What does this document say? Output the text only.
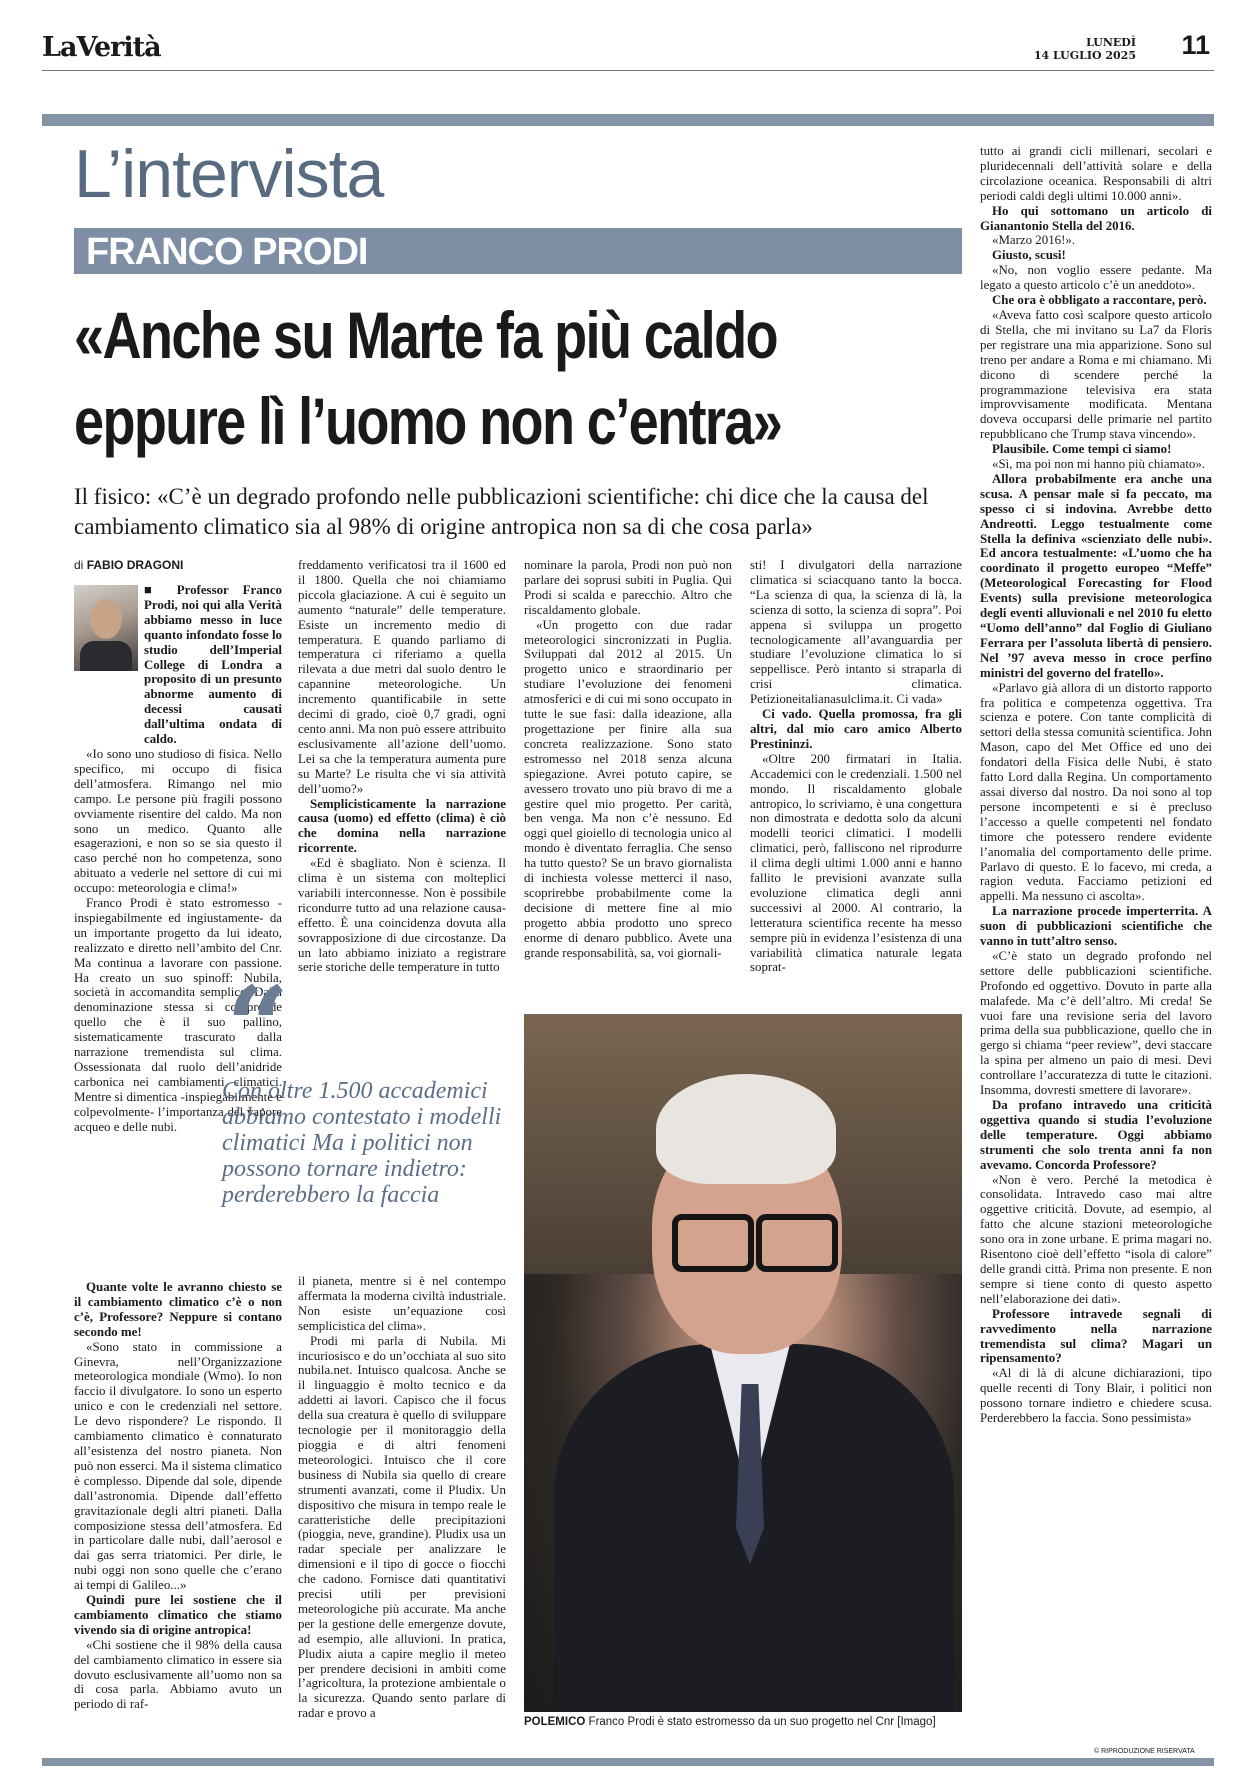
LaVerità	LUNEDÌ
14 LUGLIO 2025 11
L’intervista
FRANCO PRODI
«Anche su Marte fa più caldo
eppure lì l’uomo non c’entra»
Il fisico: «C’è un degrado profondo nelle pubblicazioni scientifiche: chi dice che la causa del cambiamento climatico sia al 98% di origine antropica non sa di che cosa parla»
di FABIO DRAGONI

■ Professor Franco Prodi, noi qui alla Verità abbiamo messo in luce quanto infondato fosse lo studio dell’Imperial College di Londra a proposito di un presunto abnorme aumento di decessi causati dall’ultima ondata di caldo.

«Io sono uno studioso di fisica. Nello specifico, mi occupo di fisica dell’atmosfera. Rimango nel mio campo. Le persone più fragili possono ovviamente risentire del caldo. Ma non sono un medico. Quanto alle esagerazioni, e non so se sia questo il caso perché non ho competenza, sono abituato a vederle nel settore di cui mi occupo: meteorologia e clima!»

Franco Prodi è stato estromesso -inspiegabilmente ed ingiustamente- da un importante progetto da lui ideato, realizzato e diretto nell’ambito del Cnr. Ma continua a lavorare con passione. Ha creato un suo spinoff: Nubila, società in accomandita semplice. Dalla denominazione stessa si comprende quello che è il suo pallino, sistematicamente trascurato dalla narrazione tremendista sul clima. Ossessionata dal ruolo dell’anidride carbonica nei cambiamenti climatici. Mentre si dimentica -inspiegabilmente e colpevolmente- l’importanza del vapore acqueo e delle nubi.

Quante volte le avranno chiesto se il cambiamento climatico c’è o non c’è, Professore? Neppure si contano secondo me!

«Sono stato in commissione a Ginevra, nell’Organizzazione meteorologica mondiale (Wmo). Io non faccio il divulgatore. Io sono un esperto unico e con le credenziali nel settore. Le devo rispondere? Le rispondo. Il cambiamento climatico è connaturato all’esistenza del nostro pianeta. Non può non esserci. Ma il sistema climatico è complesso. Dipende dal sole, dipende dall’astronomia. Dipende dall’effetto gravitazionale degli altri pianeti. Dalla composizione stessa dell’atmosfera. Ed in particolare dalle nubi, dall’aerosol e dai gas serra triatomici. Per dirle, le nubi oggi non sono quelle che c’erano ai tempi di Galileo...»

Quindi pure lei sostiene che il cambiamento climatico che stiamo vivendo sia di origine antropica!

«Chi sostiene che il 98% della causa del cambiamento climatico in essere sia dovuto esclusivamente all’uomo non sa di cosa parla. Abbiamo avuto un periodo di raf-

freddamento verificatosi tra il 1600 ed il 1800. Quella che noi chiamiamo piccola glaciazione. A cui è seguito un aumento “naturale” delle temperature. Esiste un incremento medio di temperatura. E quando parliamo di temperatura ci riferiamo a quella rilevata a due metri dal suolo dentro le capannine meteorologiche. Un incremento quantificabile in sette decimi di grado, cioè 0,7 gradi, ogni cento anni. Ma non può essere attribuito esclusivamente all’azione dell’uomo. Lei sa che la temperatura aumenta pure su Marte? Le risulta che vi sia attività dell’uomo?»

Semplicisticamente la narrazione causa (uomo) ed effetto (clima) è ciò che domina nella narrazione ricorrente.

«Ed è sbagliato. Non è scienza. Il clima è un sistema con molteplici variabili interconnesse. Non è possibile ricondurre tutto ad una relazione causa-effetto. È una coincidenza dovuta alla sovrapposizione di due circostanze. Da un lato abbiamo iniziato a registrare serie storiche delle temperature in tutto

il pianeta, mentre si è nel contempo affermata la moderna civiltà industriale. Non esiste un’equazione così semplicistica del clima».

Prodi mi parla di Nubila. Mi incuriosisco e do un’occhiata al suo sito nubila.net. Intuisco qualcosa. Anche se il linguaggio è molto tecnico e da addetti ai lavori. Capisco che il focus della sua creatura è quello di sviluppare tecnologie per il monitoraggio della pioggia e di altri fenomeni meteorologici. Intuisco che il core business di Nubila sia quello di creare strumenti avanzati, come il Pludix. Un dispositivo che misura in tempo reale le caratteristiche delle precipitazioni (pioggia, neve, grandine). Pludix usa un radar speciale per analizzare le dimensioni e il tipo di gocce o fiocchi che cadono. Fornisce dati quantitativi precisi utili per previsioni meteorologiche più accurate. Ma anche per la gestione delle emergenze dovute, ad esempio, alle alluvioni. In pratica, Pludix aiuta a capire meglio il meteo per prendere decisioni in ambiti come l’agricoltura, la protezione ambientale o la sicurezza. Quando sento parlare di radar e provo a

nominare la parola, Prodi non può non parlare dei soprusi subiti in Puglia. Qui Prodi si scalda e parecchio. Altro che riscaldamento globale.

«Un progetto con due radar meteorologici sincronizzati in Puglia. Sviluppati dal 2012 al 2015. Un progetto unico e straordinario per studiare l’evoluzione dei fenomeni atmosferici e di cui mi sono occupato in tutte le sue fasi: dalla ideazione, alla progettazione per finire alla sua concreta realizzazione. Sono stato estromesso nel 2018 senza alcuna spiegazione. Avrei potuto capire, se avessero trovato uno più bravo di me a gestire quel mio progetto. Per carità, ben venga. Ma non c’è nessuno. Ed oggi quel gioiello di tecnologia unico al mondo è diventato ferraglia. Che senso ha tutto questo? Se un bravo giornalista di inchiesta volesse metterci il naso, scoprirebbe probabilmente come la decisione di mettere fine al mio progetto abbia prodotto uno spreco enorme di denaro pubblico. Avete una grande responsabilità, sa, voi giornali-

sti! I divulgatori della narrazione climatica si sciacquano tanto la bocca. “La scienza di qua, la scienza di là, la scienza di sotto, la scienza di sopra”. Poi appena si sviluppa un progetto tecnologicamente all’avanguardia per studiare l’evoluzione climatica lo si seppellisce. Però intanto si straparla di crisi climatica. Petizioneitalianasulclima.it. Ci vada»

Ci vado. Quella promossa, fra gli altri, dal mio caro amico Alberto Prestininzi.

«Oltre 200 firmatari in Italia. Accademici con le credenziali. 1.500 nel mondo. Il riscaldamento globale antropico, lo scriviamo, è una congettura non dimostrata e dedotta solo da alcuni modelli teorici climatici. I modelli climatici, però, falliscono nel riprodurre il clima degli ultimi 1.000 anni e hanno fallito le previsioni avanzate sulla evoluzione climatica degli anni successivi al 2000. Al contrario, la letteratura scientifica recente ha messo sempre più in evidenza l’esistenza di una variabilità climatica naturale legata soprat-

tutto ai grandi cicli millenari, secolari e pluridecennali dell’attività solare e della circolazione oceanica. Responsabili di altri periodi caldi degli ultimi 10.000 anni».

Ho qui sottomano un articolo di Gianantonio Stella del 2016.

«Marzo 2016!».

Giusto, scusi!

«No, non voglio essere pedante. Ma legato a questo articolo c’è un aneddoto».

Che ora è obbligato a raccontare, però.

«Aveva fatto così scalpore questo articolo di Stella, che mi invitano su La7 da Floris per registrare una mia apparizione. Sono sul treno per andare a Roma e mi chiamano. Mi dicono di scendere perché la programmazione televisiva era stata improvvisamente modificata. Mentana doveva occuparsi delle primarie nel partito repubblicano che Trump stava vincendo».

Plausibile. Come tempi ci siamo!

«Sì, ma poi non mi hanno più chiamato».

Allora probabilmente era anche una scusa. A pensar male si fa peccato, ma spesso ci si indovina. Avrebbe detto Andreotti. Leggo testualmente come Stella la definiva «scienziato delle nubi». Ed ancora testualmente: «L’uomo che ha coordinato il progetto europeo “Meffe” (Meteorological Forecasting for Flood Events) sulla previsione meteorologica degli eventi alluvionali e nel 2010 fu eletto “Uomo dell’anno” dal Foglio di Giuliano Ferrara per l’assoluta libertà di pensiero. Nel ’97 aveva messo in croce perfino ministri del governo del fratello».

«Parlavo già allora di un distorto rapporto fra politica e competenza oggettiva. Tra scienza e potere. Con tante complicità di settori della stessa comunità scientifica. John Mason, capo del Met Office ed uno dei fondatori della Fisica delle Nubi, è stato fatto Lord dalla Regina. Un comportamento assai diverso dal nostro. Da noi sono al top persone incompetenti e si è precluso l’accesso a quelle competenti nel fondato timore che potessero rendere evidente l’anomalia del comportamento delle prime. Parlavo di questo. E lo facevo, mi creda, a ragion veduta. Facciamo petizioni ed appelli. Ma nessuno ci ascolta».

La narrazione procede imperterrita. A suon di pubblicazioni scientifiche che vanno in tutt’altro senso.

«C’è stato un degrado profondo nel settore delle pubblicazioni scientifiche. Profondo ed oggettivo. Dovuto in parte alla malafede. Ma c’è dell’altro. Mi creda! Se vuoi fare una revisione seria del lavoro prima della sua pubblicazione, quello che in gergo si chiama “peer review”, devi staccare la spina per almeno un paio di mesi. Devi controllare l’accuratezza di tutte le citazioni. Insomma, dovresti smettere di lavorare».

Da profano intravedo una criticità oggettiva quando si studia l’evoluzione delle temperature. Oggi abbiamo strumenti che solo trenta anni fa non avevamo. Concorda Professore?

«Non è vero. Perché la metodica è consolidata. Intravedo caso mai altre oggettive criticità. Dovute, ad esempio, al fatto che alcune stazioni meteorologiche sono ora in zone urbane. E prima magari no. Risentono cioè dell’effetto “isola di calore” delle grandi città. Prima non presente. E non sempre si tiene conto di questo aspetto nell’elaborazione dei dati».

Professore intravede segnali di ravvedimento nella narrazione tremendista sul clima? Magari un ripensamento?

«Al di là di alcune dichiarazioni, tipo quelle recenti di Tony Blair, i politici non possono tornare indietro e chiedere scusa. Perderebbero la faccia. Sono pessimista»

“
Con oltre 1.500 accademici abbiamo contestato i modelli climatici Ma i politici non possono tornare indietro: perderebbero la faccia
POLEMICO Franco Prodi è stato estromesso da un suo progetto nel Cnr [Imago]
© RIPRODUZIONE RISERVATA
